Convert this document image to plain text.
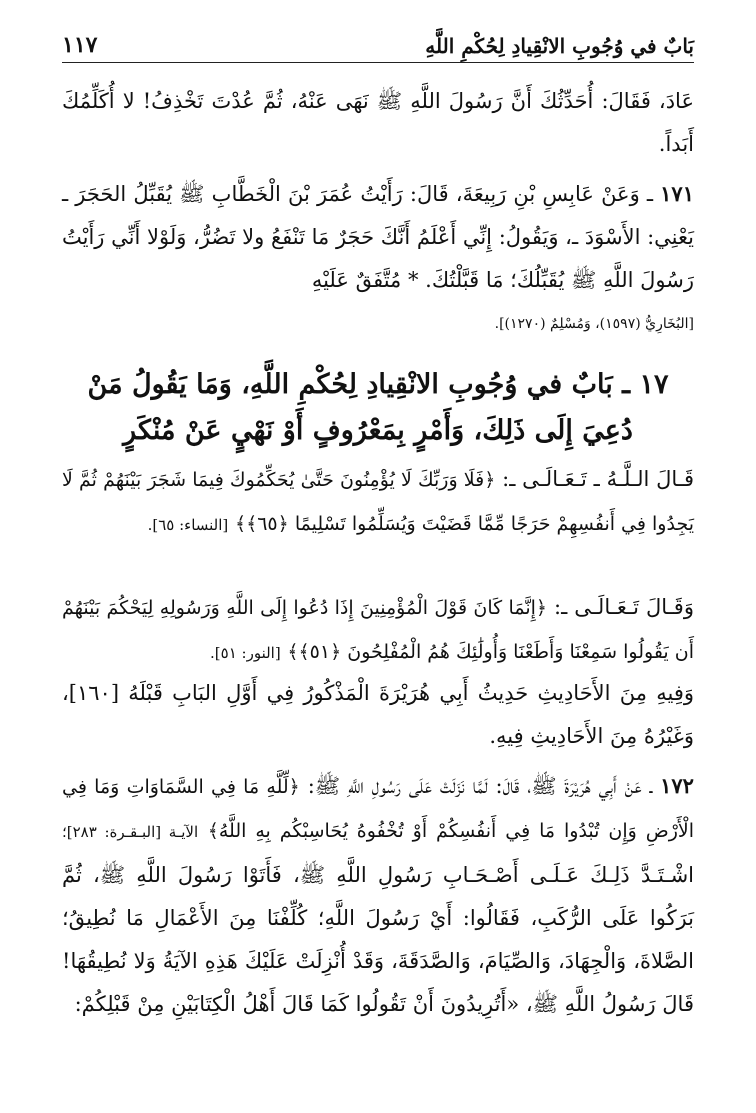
بَابٌ في وُجُوبِ الانْقِيادِ لِحُكْمِ اللَّهِ
١١٧

عَادَ، فَقَالَ: أُحَدِّثُكَ أَنَّ رَسُولَ اللَّهِ ﷺ نَهَى عَنْهُ، ثُمَّ عُدْتَ تَخْذِفُ! لا أُكَلِّمُكَ أَبَداً.

١٧١ ـ وَعَنْ عَابِسِ بْنِ رَبِيعَةَ، قَالَ: رَأَيْتُ عُمَرَ بْنَ الْخَطَّابِ ﷺ يُقَبِّلُ الحَجَرَ ـ يَعْنِي: الأَسْوَدَ ـ، وَيَقُولُ: إِنِّي أَعْلَمُ أَنَّكَ حَجَرٌ مَا تَنْفَعُ ولا تَضُرُّ، وَلَوْلا أَنِّي رَأَيْتُ رَسُولَ اللَّهِ ﷺ يُقَبِّلُكَ؛ مَا قَبَّلْتُكَ. * مُتَّفَقٌ عَلَيْهِ

[البُخَارِيُّ (١٥٩٧)، وَمُسْلِمٌ (١٢٧٠)].

١٧ ـ بَابٌ في وُجُوبِ الانْقِيادِ لِحُكْمِ اللَّهِ، وَمَا يَقُولُ مَنْ دُعِيَ إِلَى ذَلِكَ، وَأَمْرٍ بِمَعْرُوفٍ أَوْ نَهْيٍ عَنْ مُنْكَرٍ

قَـالَ الـلَّـهُ ـ تَـعَـالَـى ـ: ﴿فَلَا وَرَبِّكَ لَا يُؤْمِنُونَ حَتَّىٰ يُحَكِّمُوكَ فِيمَا شَجَرَ بَيْنَهُمْ ثُمَّ لَا يَجِدُوا فِي أَنفُسِهِمْ حَرَجًا مِّمَّا قَضَيْتَ وَيُسَلِّمُوا تَسْلِيمًا ﴿٦٥﴾﴾ [النساء: ٦٥].

وَقَـالَ تَـعَـالَـى ـ: ﴿إِنَّمَا كَانَ قَوْلَ الْمُؤْمِنِينَ إِذَا دُعُوا إِلَى اللَّهِ وَرَسُولِهِ لِيَحْكُمَ بَيْنَهُمْ أَن يَقُولُوا سَمِعْنَا وَأَطَعْنَا وَأُولَٰئِكَ هُمُ الْمُفْلِحُونَ ﴿٥١﴾﴾ [النور: ٥١].

وَفِيهِ مِنَ الأَحَادِيثِ حَدِيثُ أَبِي هُرَيْرَةَ الْمَذْكُورُ فِي أَوَّلِ البَابِ قَبْلَهُ [١٦٠]، وَغَيْرُهُ مِنَ الأَحَادِيثِ فِيهِ.

١٧٢ ـ عَنْ أَبِي هُرَيْرَةَ ﷺ، قَالَ: لَمَّا نَزَلَتْ عَلَى رَسُولِ اللَّهِ ﷺ: ﴿لِّلَّهِ مَا فِي السَّمَاوَاتِ وَمَا فِي الْأَرْضِ وَإِن تُبْدُوا مَا فِي أَنفُسِكُمْ أَوْ تُخْفُوهُ يُحَاسِبْكُم بِهِ اللَّهُ﴾ الآيـة [البـقـرة: ٢٨٣]؛ اشْـتَـدَّ ذَلِـكَ عَـلَـى أَصْـحَـابِ رَسُولِ اللَّهِ ﷺ، فَأَتَوْا رَسُولَ اللَّهِ ﷺ، ثُمَّ بَرَكُوا عَلَى الرُّكَبِ، فَقَالُوا: أَيْ رَسُولَ اللَّهِ؛ كُلِّفْنَا مِنَ الأَعْمَالِ مَا نُطِيقُ؛ الصَّلاةَ، وَالْجِهَادَ، وَالصِّيَامَ، وَالصَّدَقَةَ، وَقَدْ أُنْزِلَتْ عَلَيْكَ هَذِهِ الآيَةُ وَلا نُطِيقُهَا! قَالَ رَسُولُ اللَّهِ ﷺ، «أَتُرِيدُونَ أَنْ تَقُولُوا كَمَا قَالَ أَهْلُ الْكِتَابَيْنِ مِنْ قَبْلِكُمْ:
